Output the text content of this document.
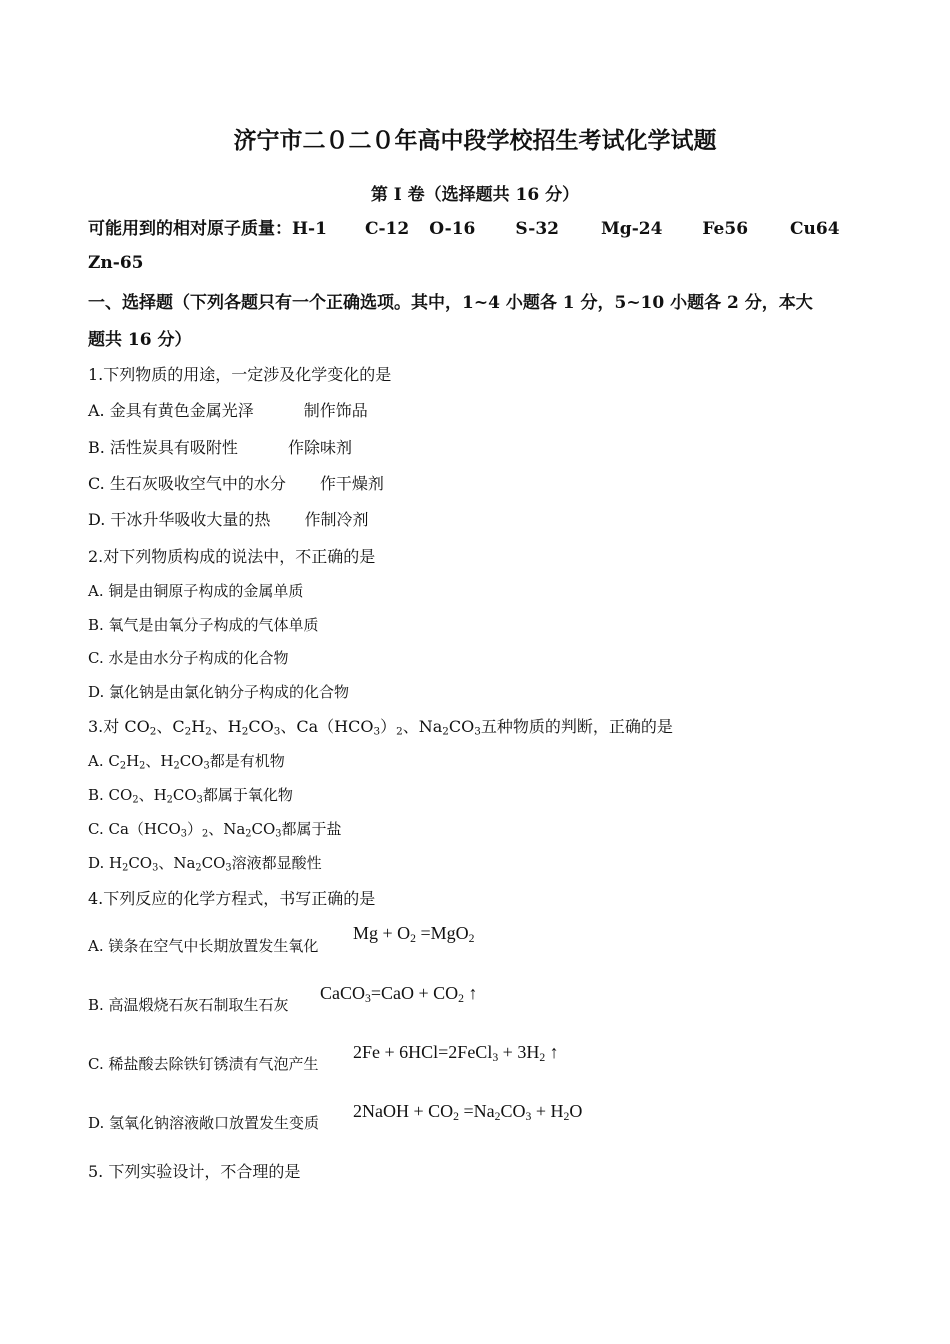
济宁市二０二０年高中段学校招生考试化学试题
第 I 卷（选择题共 16 分）
可能用到的相对原子质量：H-1 C-12 O-16 S-32 Mg-24 Fe56 Cu64
Zn-65
一、选择题（下列各题只有一个正确选项。其中，1~4 小题各 1 分，5~10 小题各 2 分，本大
题共 16 分）
1.下列物质的用途，一定涉及化学变化的是
A. 金具有黄色金属光泽	制作饰品
B. 活性炭具有吸附性	作除味剂
C. 生石灰吸收空气中的水分 作干燥剂
D. 干冰升华吸收大量的热 作制冷剂
2.对下列物质构成的说法中，不正确的是
A. 铜是由铜原子构成的金属单质
B. 氧气是由氧分子构成的气体单质
C. 水是由水分子构成的化合物
D. 氯化钠是由氯化钠分子构成的化合物
3.对 $CO_2$、$C_2H_2$、$H_2CO_3$、$Ca(HCO_3)_2$、$Na_2CO_3$五种物质的判断，正确的是
A. $C_2H_2$、$H_2CO_3$都是有机物
B. $CO_2$、$H_2CO_3$都属于氧化物
C. $Ca(HCO_3)_2$、$Na_2CO_3$都属于盐
D. $H_2CO_3$、$Na_2CO_3$溶液都显酸性
4.下列反应的化学方程式，书写正确的是
A. 镁条在空气中长期放置发生氧化
$Mg + O_2 =MgO_2$
B. 高温煅烧石灰石制取生石灰
CaCO$_3$=CaO + $CO_2$ ↑
C. 稀盐酸去除铁钉锈渍有气泡产生
2Fe + 6HCl=2FeCl$_3$ + $3H_2$ ↑
D. 氢氧化钠溶液敞口放置发生变质
2NaOH + $CO_2 =Na_2CO_3 + H_2O$
5. 下列实验设计，不合理的是
